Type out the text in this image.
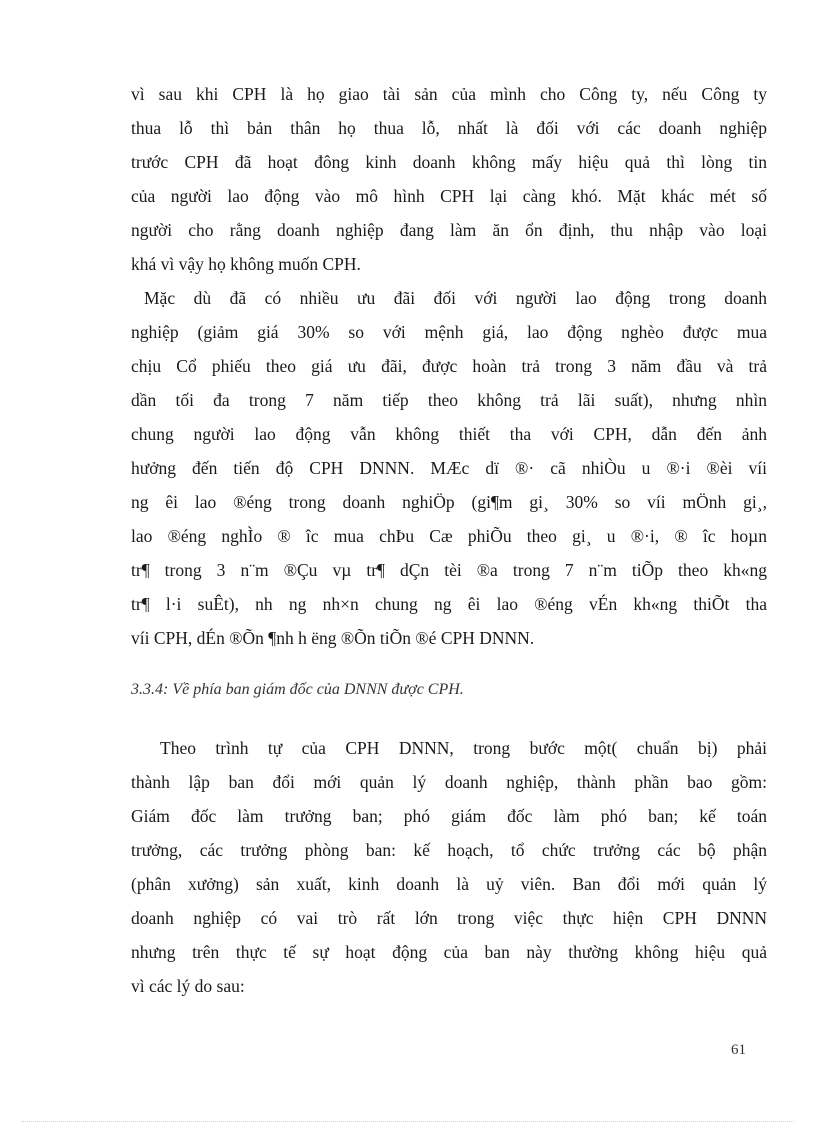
vì sau khi CPH là họ giao tài sản của mình cho Công ty, nếu Công ty
thua lỗ thì bản thân họ thua lỗ, nhất là đối với các doanh nghiệp
trước CPH đã hoạt đông kinh doanh không mấy hiệu quả thì lòng tin
của người lao động vào mô hình CPH lại càng khó. Mặt khác mét số
người cho rằng doanh nghiệp đang làm ăn ổn định, thu nhập vào loại
khá vì vậy họ không muốn CPH.
Mặc dù đã có nhiều ưu đãi đối với người lao động trong doanh
nghiệp (giảm giá 30% so với mệnh giá, lao động nghèo được mua
chịu Cổ phiếu theo giá ưu đãi, được hoàn trả trong 3 năm đầu và trả
dần tối đa trong 7 năm tiếp theo không trả lãi suất), nhưng nhìn
chung người lao động vẫn không thiết tha với CPH, dẫn đến ảnh
hưởng đến tiến độ CPH DNNN. MÆc dï ®· cã nhiÒu u ®·i ®èi víi
ng êi lao ®éng trong doanh nghiÖp (gi¶m gi¸ 30% so víi mÖnh gi¸,
lao ®éng nghÌo ® îc mua chÞu Cæ phiÕu theo gi¸ u ®·i, ® îc hoµn
tr¶ trong 3 n¨m ®Çu vµ tr¶ dÇn tèi ®a trong 7 n¨m tiÕp theo kh«ng
tr¶ l·i suÊt), nh ng nh×n chung ng êi lao ®éng vÉn kh«ng thiÕt tha
víi CPH, dÉn ®Õn ¶nh h ëng ®Õn tiÕn ®é CPH DNNN.
3.3.4: Về phía ban giám đốc của DNNN được CPH.
Theo trình tự của CPH DNNN, trong bước một( chuẩn bị) phải
thành lập ban đổi mới quản lý doanh nghiệp, thành phần bao gồm:
Giám đốc làm trưởng ban; phó giám đốc làm phó ban; kế toán
trưởng, các trưởng phòng ban: kế hoạch, tổ chức trưởng các bộ phận
(phân xưởng) sản xuất, kinh doanh là uỷ viên. Ban đổi mới quản lý
doanh nghiệp có vai trò rất lớn trong việc thực hiện CPH DNNN
nhưng trên thực tế sự hoạt động của ban này thường không hiệu quả
vì các lý do sau:
61
